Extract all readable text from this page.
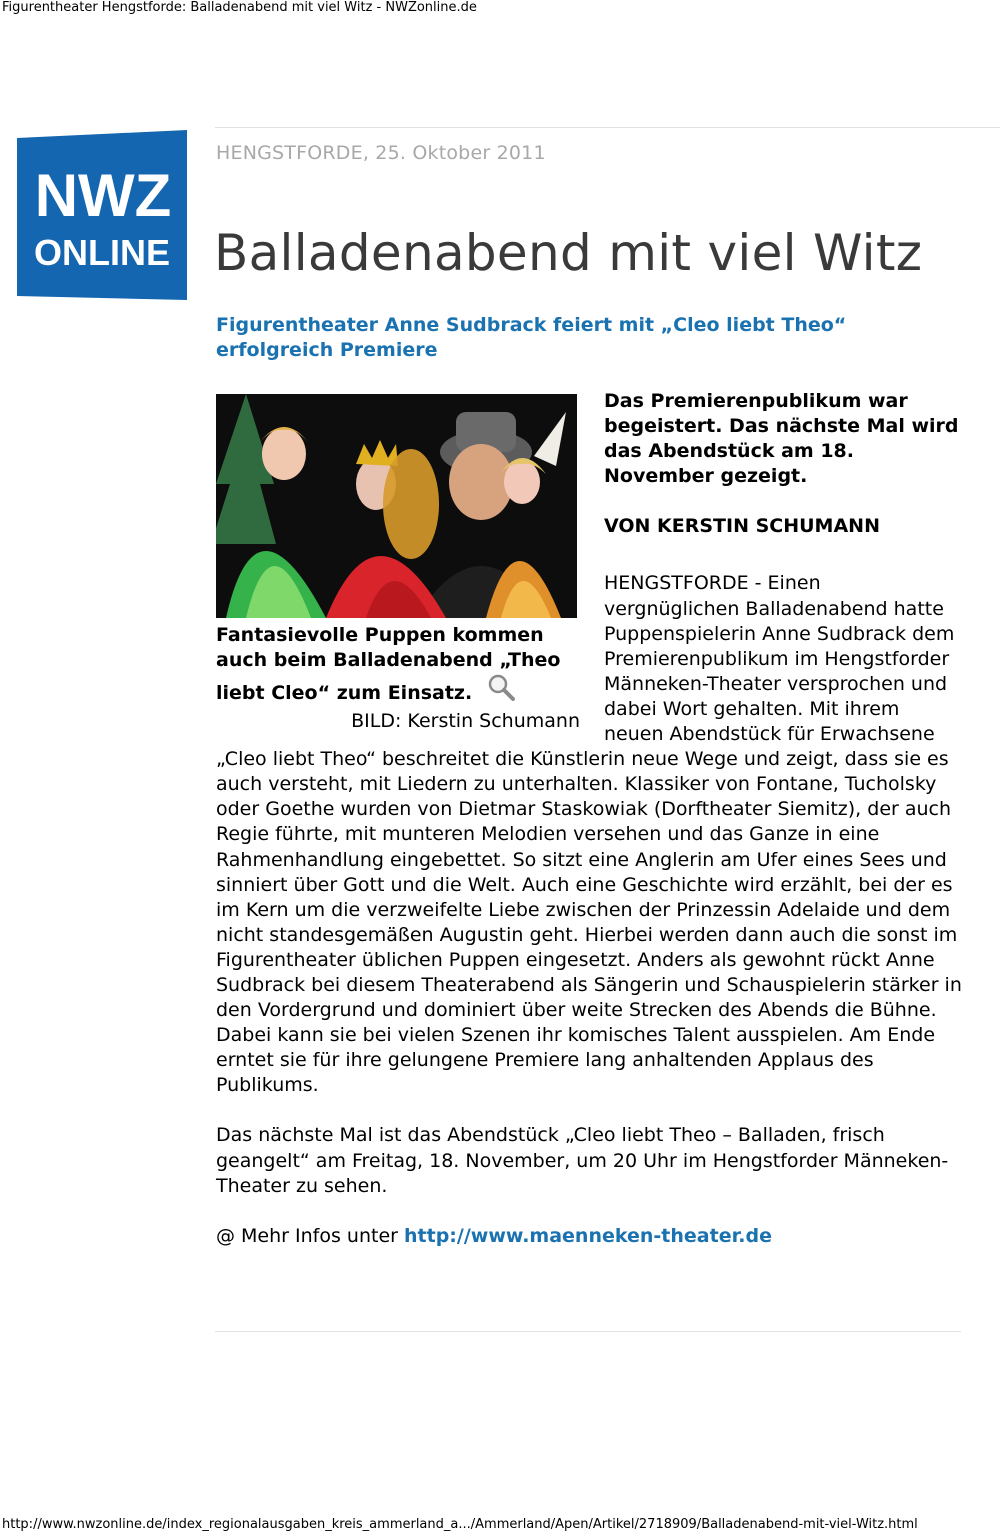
Figurentheater Hengstforde: Balladenabend mit viel Witz - NWZonline.de
NWZ
ONLINE
HENGSTFORDE, 25. Oktober 2011
Balladenabend mit viel Witz
Figurentheater Anne Sudbrack feiert mit „Cleo liebt Theo“ erfolgreich Premiere
Fantasievolle Puppen kommen auch beim Balladenabend „Theo liebt Cleo“ zum Einsatz.
BILD: Kerstin Schumann

Das Premierenpublikum war begeistert. Das nächste Mal wird das Abendstück am 18. November gezeigt.

VON KERSTIN SCHUMANN

HENGSTFORDE - Einen vergnüglichen Balladenabend hatte Puppenspielerin Anne Sudbrack dem Premierenpublikum im Hengstforder Männeken-Theater versprochen und dabei Wort gehalten. Mit ihrem neuen Abendstück für Erwachsene „Cleo liebt Theo“ beschreitet die Künstlerin neue Wege und zeigt, dass sie es auch versteht, mit Liedern zu unterhalten. Klassiker von Fontane, Tucholsky oder Goethe wurden von Dietmar Staskowiak (Dorftheater Siemitz), der auch Regie führte, mit munteren Melodien versehen und das Ganze in eine Rahmenhandlung eingebettet. So sitzt eine Anglerin am Ufer eines Sees und sinniert über Gott und die Welt. Auch eine Geschichte wird erzählt, bei der es im Kern um die verzweifelte Liebe zwischen der Prinzessin Adelaide und dem nicht standesgemäßen Augustin geht. Hierbei werden dann auch die sonst im Figurentheater üblichen Puppen eingesetzt. Anders als gewohnt rückt Anne Sudbrack bei diesem Theaterabend als Sängerin und Schauspielerin stärker in den Vordergrund und dominiert über weite Strecken des Abends die Bühne. Dabei kann sie bei vielen Szenen ihr komisches Talent ausspielen. Am Ende erntet sie für ihre gelungene Premiere lang anhaltenden Applaus des Publikums.

Das nächste Mal ist das Abendstück „Cleo liebt Theo – Balladen, frisch geangelt“ am Freitag, 18. November, um 20 Uhr im Hengstforder Männeken-Theater zu sehen.

@ Mehr Infos unter http://www.maenneken-theater.de

http://www.nwzonline.de/index_regionalausgaben_kreis_ammerland_a.../Ammerland/Apen/Artikel/2718909/Balladenabend-mit-viel-Witz.html
